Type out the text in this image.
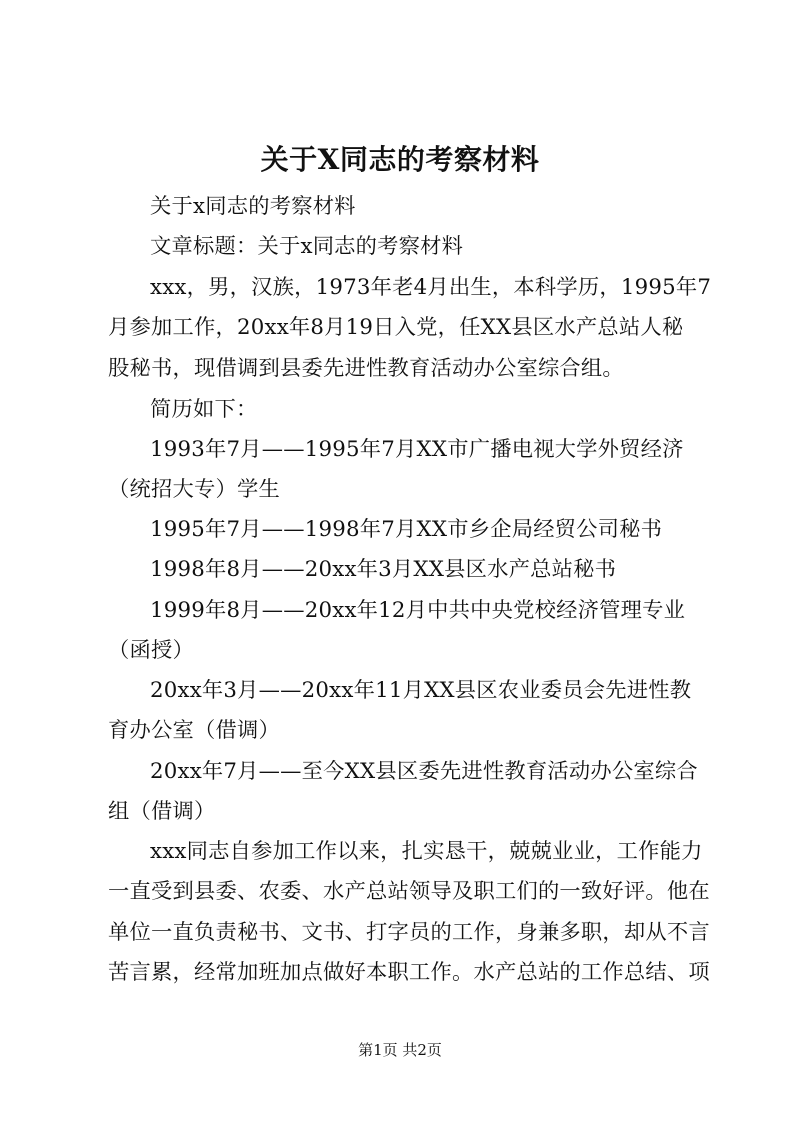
关于X同志的考察材料
关于x同志的考察材料
文章标题：关于x同志的考察材料
xxx，男，汉族，1973年老4月出生，本科学历，1995年7
月参加工作，20xx年8月19日入党，任XX县区水产总站人秘
股秘书，现借调到县委先进性教育活动办公室综合组。
简历如下：
1993年7月——1995年7月XX市广播电视大学外贸经济
（统招大专）学生
1995年7月——1998年7月XX市乡企局经贸公司秘书
1998年8月——20xx年3月XX县区水产总站秘书
1999年8月——20xx年12月中共中央党校经济管理专业
（函授）
20xx年3月——20xx年11月XX县区农业委员会先进性教
育办公室（借调）
20xx年7月——至今XX县区委先进性教育活动办公室综合
组（借调）
xxx同志自参加工作以来，扎实恳干，兢兢业业，工作能力
一直受到县委、农委、水产总站领导及职工们的一致好评。他在
单位一直负责秘书、文书、打字员的工作，身兼多职，却从不言
苦言累，经常加班加点做好本职工作。水产总站的工作总结、项
第1页 共2页
